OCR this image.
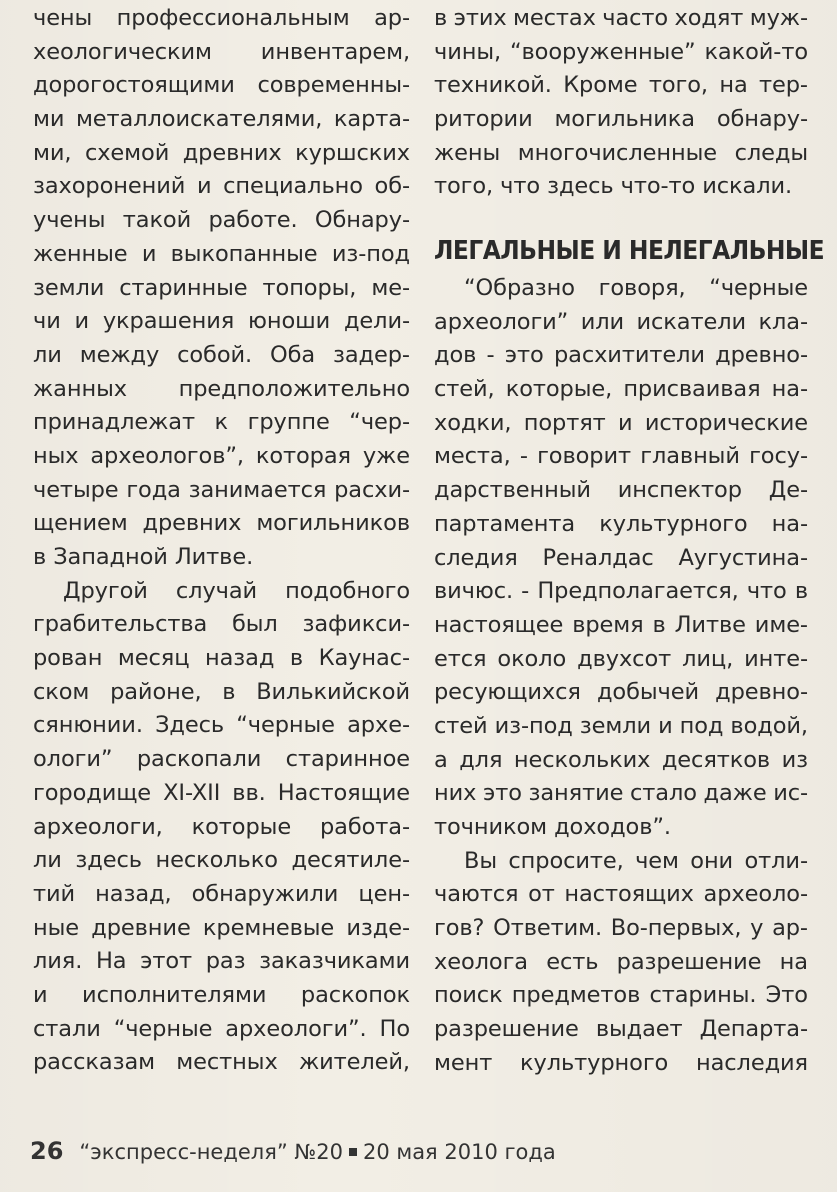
чены профессиональным ар-
хеологическим инвентарем,
дорогостоящими современны-
ми металлоискателями, карта-
ми, схемой древних куршских
захоронений и специально об-
учены такой работе. Обнару-
женные и выкопанные из-под
земли старинные топоры, ме-
чи и украшения юноши дели-
ли между собой. Оба задер-
жанных предположительно
принадлежат к группе “чер-
ных археологов”, которая уже
четыре года занимается расхи-
щением древних могильников
в Западной Литве.
Другой случай подобного
грабительства был зафикси-
рован месяц назад в Каунас-
ском районе, в Вилькийской
сянюнии. Здесь “черные архе-
ологи” раскопали старинное
городище XI-XII вв. Настоящие
археологи, которые работа-
ли здесь несколько десятиле-
тий назад, обнаружили цен-
ные древние кремневые изде-
лия. На этот раз заказчиками
и исполнителями раскопок
стали “черные археологи”. По
рассказам местных жителей,
в этих местах часто ходят муж-
чины, “вооруженные” какой-то
техникой. Кроме того, на тер-
ритории могильника обнару-
жены многочисленные следы
того, что здесь что-то искали.
ЛЕГАЛЬНЫЕ И НЕЛЕГАЛЬНЫЕ
“Образно говоря, “черные
археологи” или искатели кла-
дов - это расхитители древно-
стей, которые, присваивая на-
ходки, портят и исторические
места, - говорит главный госу-
дарственный инспектор Де-
партамента культурного на-
следия Реналдас Аугустина-
вичюс. - Предполагается, что в
настоящее время в Литве име-
ется около двухсот лиц, инте-
ресующихся добычей древно-
стей из-под земли и под водой,
а для нескольких десятков из
них это занятие стало даже ис-
точником доходов”.
Вы спросите, чем они отли-
чаются от настоящих археоло-
гов? Ответим. Во-первых, у ар-
хеолога есть разрешение на
поиск предметов старины. Это
разрешение выдает Департа-
мент культурного наследия
26 “экспресс-неделя” №20 20 мая 2010 года
